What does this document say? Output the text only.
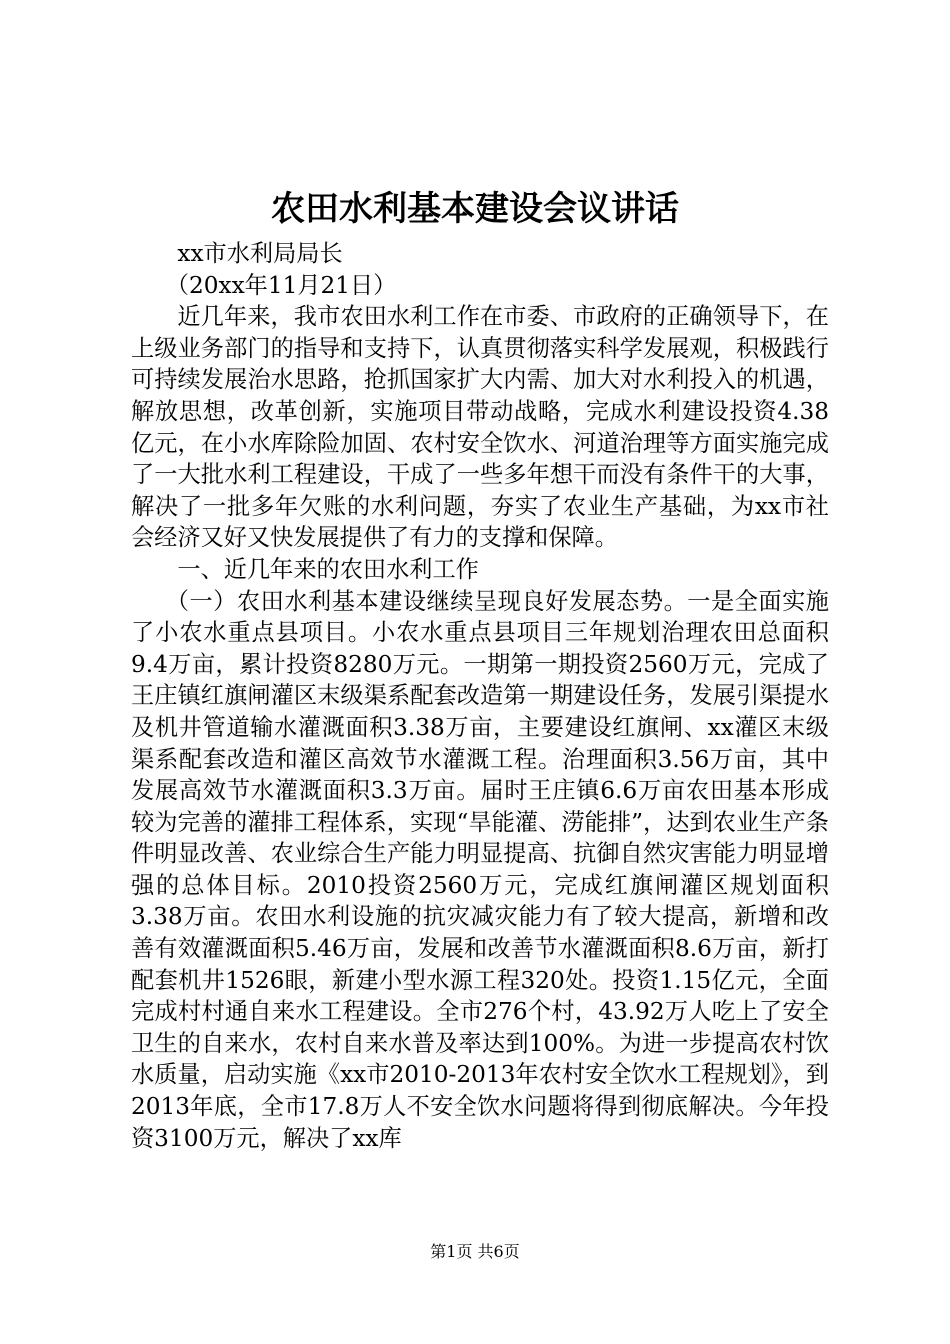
农田水利基本建设会议讲话

xx市水利局局长

（20xx年11月21日）

近几年来，我市农田水利工作在市委、市政府的正确领导下，在上级业务部门的指导和支持下，认真贯彻落实科学发展观，积极践行可持续发展治水思路，抢抓国家扩大内需、加大对水利投入的机遇，解放思想，改革创新，实施项目带动战略，完成水利建设投资4.38亿元，在小水库除险加固、农村安全饮水、河道治理等方面实施完成了一大批水利工程建设，干成了一些多年想干而没有条件干的大事，解决了一批多年欠账的水利问题，夯实了农业生产基础，为xx市社会经济又好又快发展提供了有力的支撑和保障。

一、近几年来的农田水利工作

（一）农田水利基本建设继续呈现良好发展态势。一是全面实施了小农水重点县项目。小农水重点县项目三年规划治理农田总面积9.4万亩，累计投资8280万元。一期第一期投资2560万元，完成了王庄镇红旗闸灌区末级渠系配套改造第一期建设任务，发展引渠提水及机井管道输水灌溉面积3.38万亩，主要建设红旗闸、xx灌区末级渠系配套改造和灌区高效节水灌溉工程。治理面积3.56万亩，其中发展高效节水灌溉面积3.3万亩。届时王庄镇6.6万亩农田基本形成较为完善的灌排工程体系，实现“旱能灌、涝能排”，达到农业生产条件明显改善、农业综合生产能力明显提高、抗御自然灾害能力明显增强的总体目标。2010投资2560万元，完成红旗闸灌区规划面积3.38万亩。农田水利设施的抗灾减灾能力有了较大提高，新增和改善有效灌溉面积5.46万亩，发展和改善节水灌溉面积8.6万亩，新打配套机井1526眼，新建小型水源工程320处。投资1.15亿元，全面完成村村通自来水工程建设。全市276个村，43.92万人吃上了安全卫生的自来水，农村自来水普及率达到100%。为进一步提高农村饮水质量，启动实施《xx市2010-2013年农村安全饮水工程规划》，到2013年底，全市17.8万人不安全饮水问题将得到彻底解决。今年投资3100万元，解决了xx库

第1页 共6页
